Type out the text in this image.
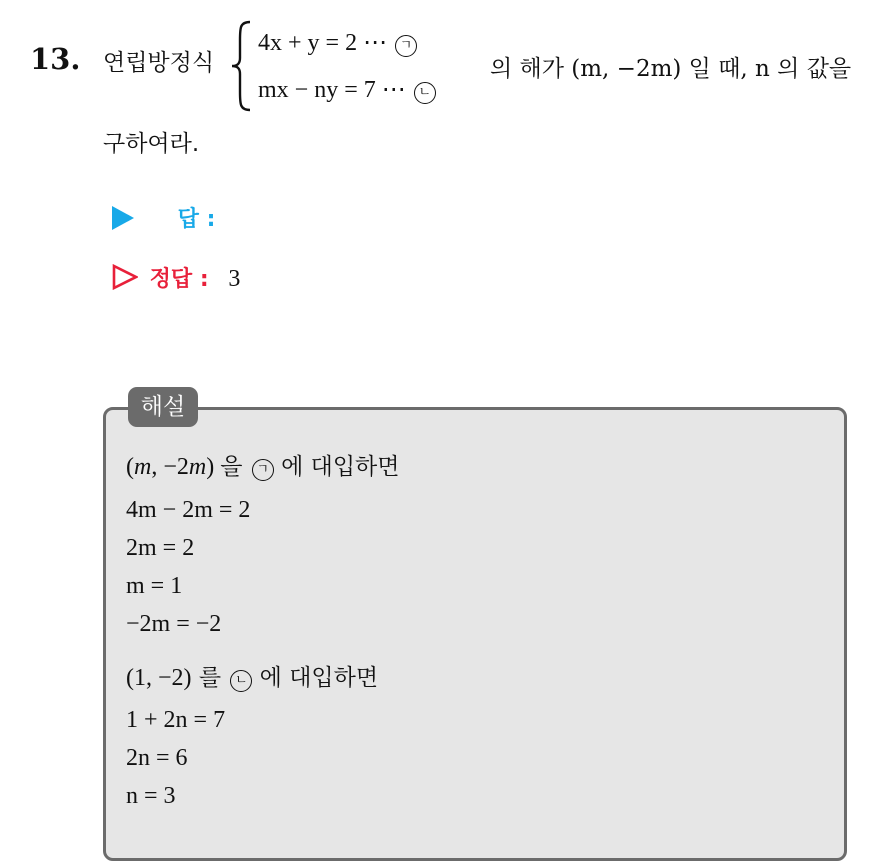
13. 연립방정식
4x + y = 2 ⋯ ㄱ
mx − ny = 7 ⋯ ㄴ
의 해가 (m, −2m) 일 때, n 의 값을
구하여라.
답 :
정답 : 3
해설
(m, −2m) 을 ㄱ 에 대입하면
4m − 2m = 2
2m = 2
m = 1
−2m = −2
(1, −2) 를 ㄴ 에 대입하면
1 + 2n = 7
2n = 6
n = 3
